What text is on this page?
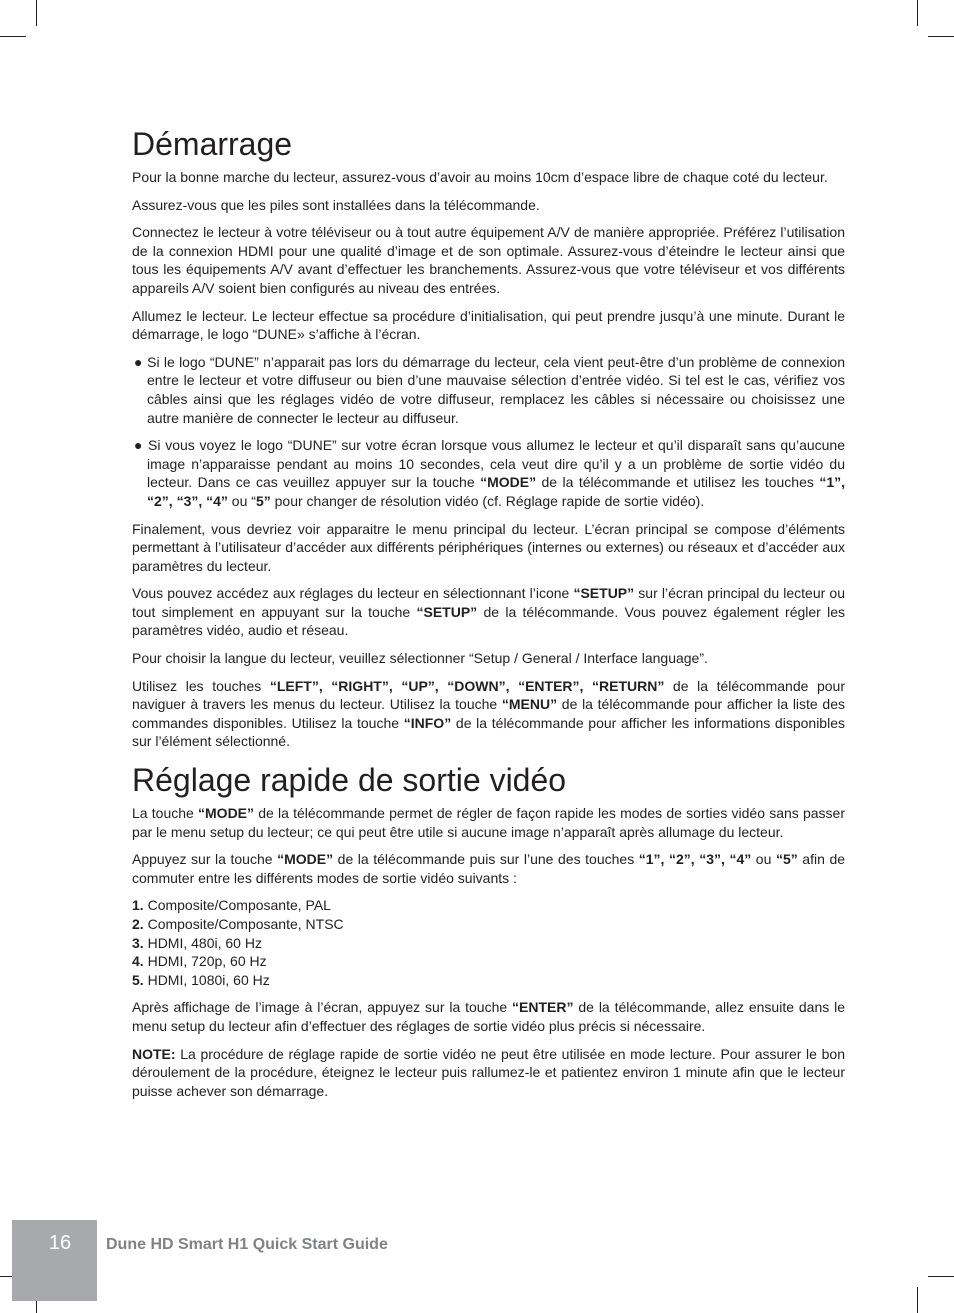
Démarrage

Pour la bonne marche du lecteur, assurez-vous d’avoir au moins 10cm d’espace libre de chaque coté du lecteur.

Assurez-vous que les piles sont installées dans la télécommande.

Connectez le lecteur à votre téléviseur ou à tout autre équipement A/V de manière appropriée. Préférez l’utilisation de la connexion HDMI pour une qualité d’image et de son optimale. Assurez-vous d’éteindre le lecteur ainsi que tous les équipements A/V avant d’effectuer les branchements. Assurez-vous que votre téléviseur et vos différents appareils A/V soient bien configurés au niveau des entrées.

Allumez le lecteur. Le lecteur effectue sa procédure d’initialisation, qui peut prendre jusqu’à une minute. Durant le démarrage, le logo “DUNE» s’affiche à l’écran.

● Si le logo “DUNE” n’apparait pas lors du démarrage du lecteur, cela vient peut-être d’un problème de connexion entre le lecteur et votre diffuseur ou bien d’une mauvaise sélection d’entrée vidéo. Si tel est le cas, vérifiez vos câbles ainsi que les réglages vidéo de votre diffuseur, remplacez les câbles si nécessaire ou choisissez une autre manière de connecter le lecteur au diffuseur.

● Si vous voyez le logo “DUNE” sur votre écran lorsque vous allumez le lecteur et qu’il disparaît sans qu’aucune image n’apparaisse pendant au moins 10 secondes, cela veut dire qu’il y a un problème de sortie vidéo du lecteur. Dans ce cas veuillez appuyer sur la touche “MODE” de la télécommande et utilisez les touches “1”, “2”, “3”, “4” ou “5” pour changer de résolution vidéo (cf. Réglage rapide de sortie vidéo).

Finalement, vous devriez voir apparaitre le menu principal du lecteur. L’écran principal se compose d’éléments permettant à l’utilisateur d’accéder aux différents périphériques (internes ou externes) ou réseaux et d’accéder aux paramètres du lecteur.

Vous pouvez accédez aux réglages du lecteur en sélectionnant l’icone “SETUP” sur l’écran principal du lecteur ou tout simplement en appuyant sur la touche “SETUP” de la télécommande. Vous pouvez également régler les paramètres vidéo, audio et réseau.

Pour choisir la langue du lecteur, veuillez sélectionner “Setup / General / Interface language”.

Utilisez les touches “LEFT”, “RIGHT”, “UP”, “DOWN”, “ENTER”, “RETURN” de la télécommande pour naviguer à travers les menus du lecteur. Utilisez la touche “MENU” de la télécommande pour afficher la liste des commandes disponibles. Utilisez la touche “INFO” de la télécommande pour afficher les informations disponibles sur l’élément sélectionné.

Réglage rapide de sortie vidéo

La touche “MODE” de la télécommande permet de régler de façon rapide les modes de sorties vidéo sans passer par le menu setup du lecteur; ce qui peut être utile si aucune image n’apparaît après allumage du lecteur.

Appuyez sur la touche “MODE” de la télécommande puis sur l’une des touches “1”, “2”, “3”, “4” ou “5” afin de commuter entre les différents modes de sortie vidéo suivants :

1. Composite/Composante, PAL
2. Composite/Composante, NTSC
3. HDMI, 480i, 60 Hz
4. HDMI, 720p, 60 Hz
5. HDMI, 1080i, 60 Hz

Après affichage de l’image à l’écran, appuyez sur la touche “ENTER” de la télécommande, allez ensuite dans le menu setup du lecteur afin d’effectuer des réglages de sortie vidéo plus précis si nécessaire.

NOTE: La procédure de réglage rapide de sortie vidéo ne peut être utilisée en mode lecture. Pour assurer le bon déroulement de la procédure, éteignez le lecteur puis rallumez-le et patientez environ 1 minute afin que le lecteur puisse achever son démarrage.

16	Dune HD Smart H1 Quick Start Guide
